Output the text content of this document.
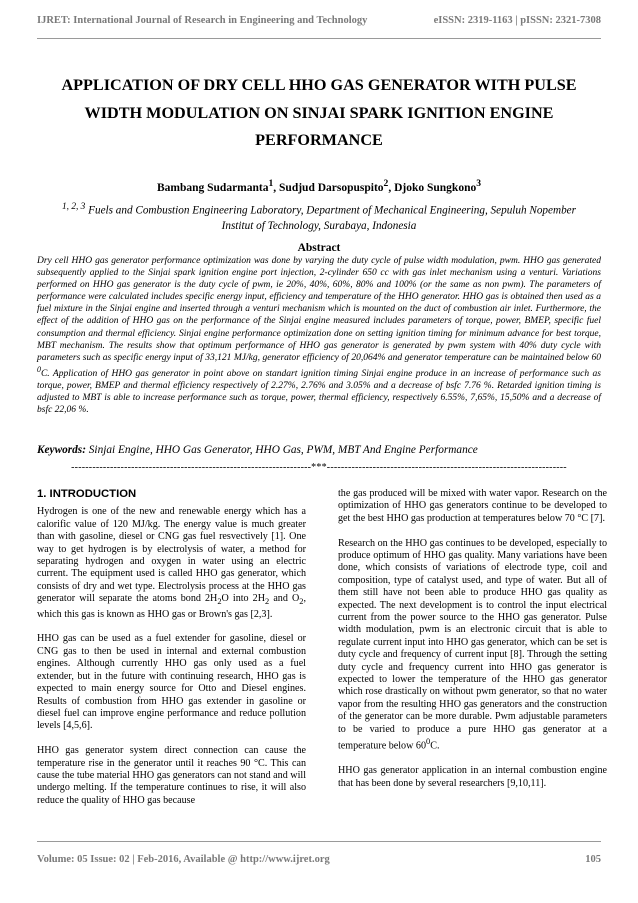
IJRET: International Journal of Research in Engineering and Technology	eISSN: 2319-1163 | pISSN: 2321-7308
APPLICATION OF DRY CELL HHO GAS GENERATOR WITH PULSE WIDTH MODULATION ON SINJAI SPARK IGNITION ENGINE PERFORMANCE
Bambang Sudarmanta$^1$, Sudjud Darsopuspito$^2$, Djoko Sungkono$^3$
$^{1, 2, 3}$ Fuels and Combustion Engineering Laboratory, Department of Mechanical Engineering, Sepuluh Nopember
Institut of Technology, Surabaya, Indonesia
Abstract
Dry cell HHO gas generator performance optimization was done by varying the duty cycle of pulse width modulation, pwm. HHO gas generated subsequently applied to the Sinjai spark ignition engine port injection, 2-cylinder 650 cc with gas inlet mechanism using a venturi. Variations performed on HHO gas generator is the duty cycle of pwm, ie 20%, 40%, 60%, 80% and 100% (or the same as non pwm). The parameters of performance were calculated includes specific energy input, efficiency and temperature of the HHO generator. HHO gas is obtained then used as a fuel mixture in the Sinjai engine and inserted through a venturi mechanism which is mounted on the duct of combustion air inlet. Furthermore, the effect of the addition of HHO gas on the performance of the Sinjai engine measured includes parameters of torque, power, BMEP, specific fuel consumption and thermal efficiency. Sinjai engine performance optimization done on setting ignition timing for minimum advance for best torque, MBT mechanism. The results show that optimum performance of HHO gas generator is generated by pwm system with 40% duty cycle with parameters such as specific energy input of 33,121 MJ/kg, generator efficiency of 20,064% and generator temperature can be maintained below 60 $^0$C. Application of HHO gas generator in point above on standart ignition timing Sinjai engine produce in an increase of performance such as torque, power, BMEP and thermal efficiency respectively of 2.27%, 2.76% and 3.05% and a decrease of bsfc 7.76 %. Retarded ignition timing is adjusted to MBT is able to increase performance such as torque, power, thermal efficiency, respectively 6.55%, 7,65%, 15,50% and a decrease of bsfc 22,06 %.
Keywords: Sinjai Engine, HHO Gas Generator, HHO Gas, PWM, MBT And Engine Performance
--------------------------------------------------------------------***--------------------------------------------------------------------
1. INTRODUCTION

Hydrogen is one of the new and renewable energy which has a calorific value of 120 MJ/kg. The energy value is much greater than with gasoline, diesel or CNG gas fuel resvectively [1]. One way to get hydrogen is by electrolysis of water, a method for separating hydrogen and oxygen in water using an electric current. The equipment used is called HHO gas generator, which consists of dry and wet type. Electrolysis process at the HHO gas generator will separate the atoms bond $2H_2O$ into $2H_2$ and $O_2$, which this gas is known as HHO gas or Brown's gas [2,3].

HHO gas can be used as a fuel extender for gasoline, diesel or CNG gas to then be used in internal and external combustion engines. Although currently HHO gas only used as a fuel extender, but in the future with continuing research, HHO gas is expected to main energy source for Otto and Diesel engines. Results of combustion from HHO gas extender in gasoline or diesel fuel can improve engine performance and reduce pollution levels [4,5,6].

HHO gas generator system direct connection can cause the temperature rise in the generator until it reaches 90 °C. This can cause the tube material HHO gas generators can not stand and will undergo melting. If the temperature continues to rise, it will also reduce the quality of HHO gas because

the gas produced will be mixed with water vapor. Research on the optimization of HHO gas generators continue to be developed to get the best HHO gas production at temperatures below 70 °C [7].

Research on the HHO gas continues to be developed, especially to produce optimum of HHO gas quality. Many variations have been done, which consists of variations of electrode type, coil and composition, type of catalyst used, and type of water. But all of them still have not been able to produce HHO gas quality as expected. The next development is to control the input electrical current from the power source to the HHO gas generator. Pulse width modulation, pwm is an electronic circuit that is able to regulate current input into HHO gas generator, which can be set is duty cycle and frequency of current input [8]. Through the setting duty cycle and frequency current into HHO gas generator is expected to lower the temperature of the HHO gas generator which rose drastically on without pwm generator, so that no water vapor from the resulting HHO gas generators and the construction of the generator can be more durable. Pwm adjustable parameters to be varied to produce a pure HHO gas generator at a temperature below $60^0C$.

HHO gas generator application in an internal combustion engine that has been done by several researchers [9,10,11].

Volume: 05 Issue: 02 | Feb-2016, Available @ http://www.ijret.org	105
